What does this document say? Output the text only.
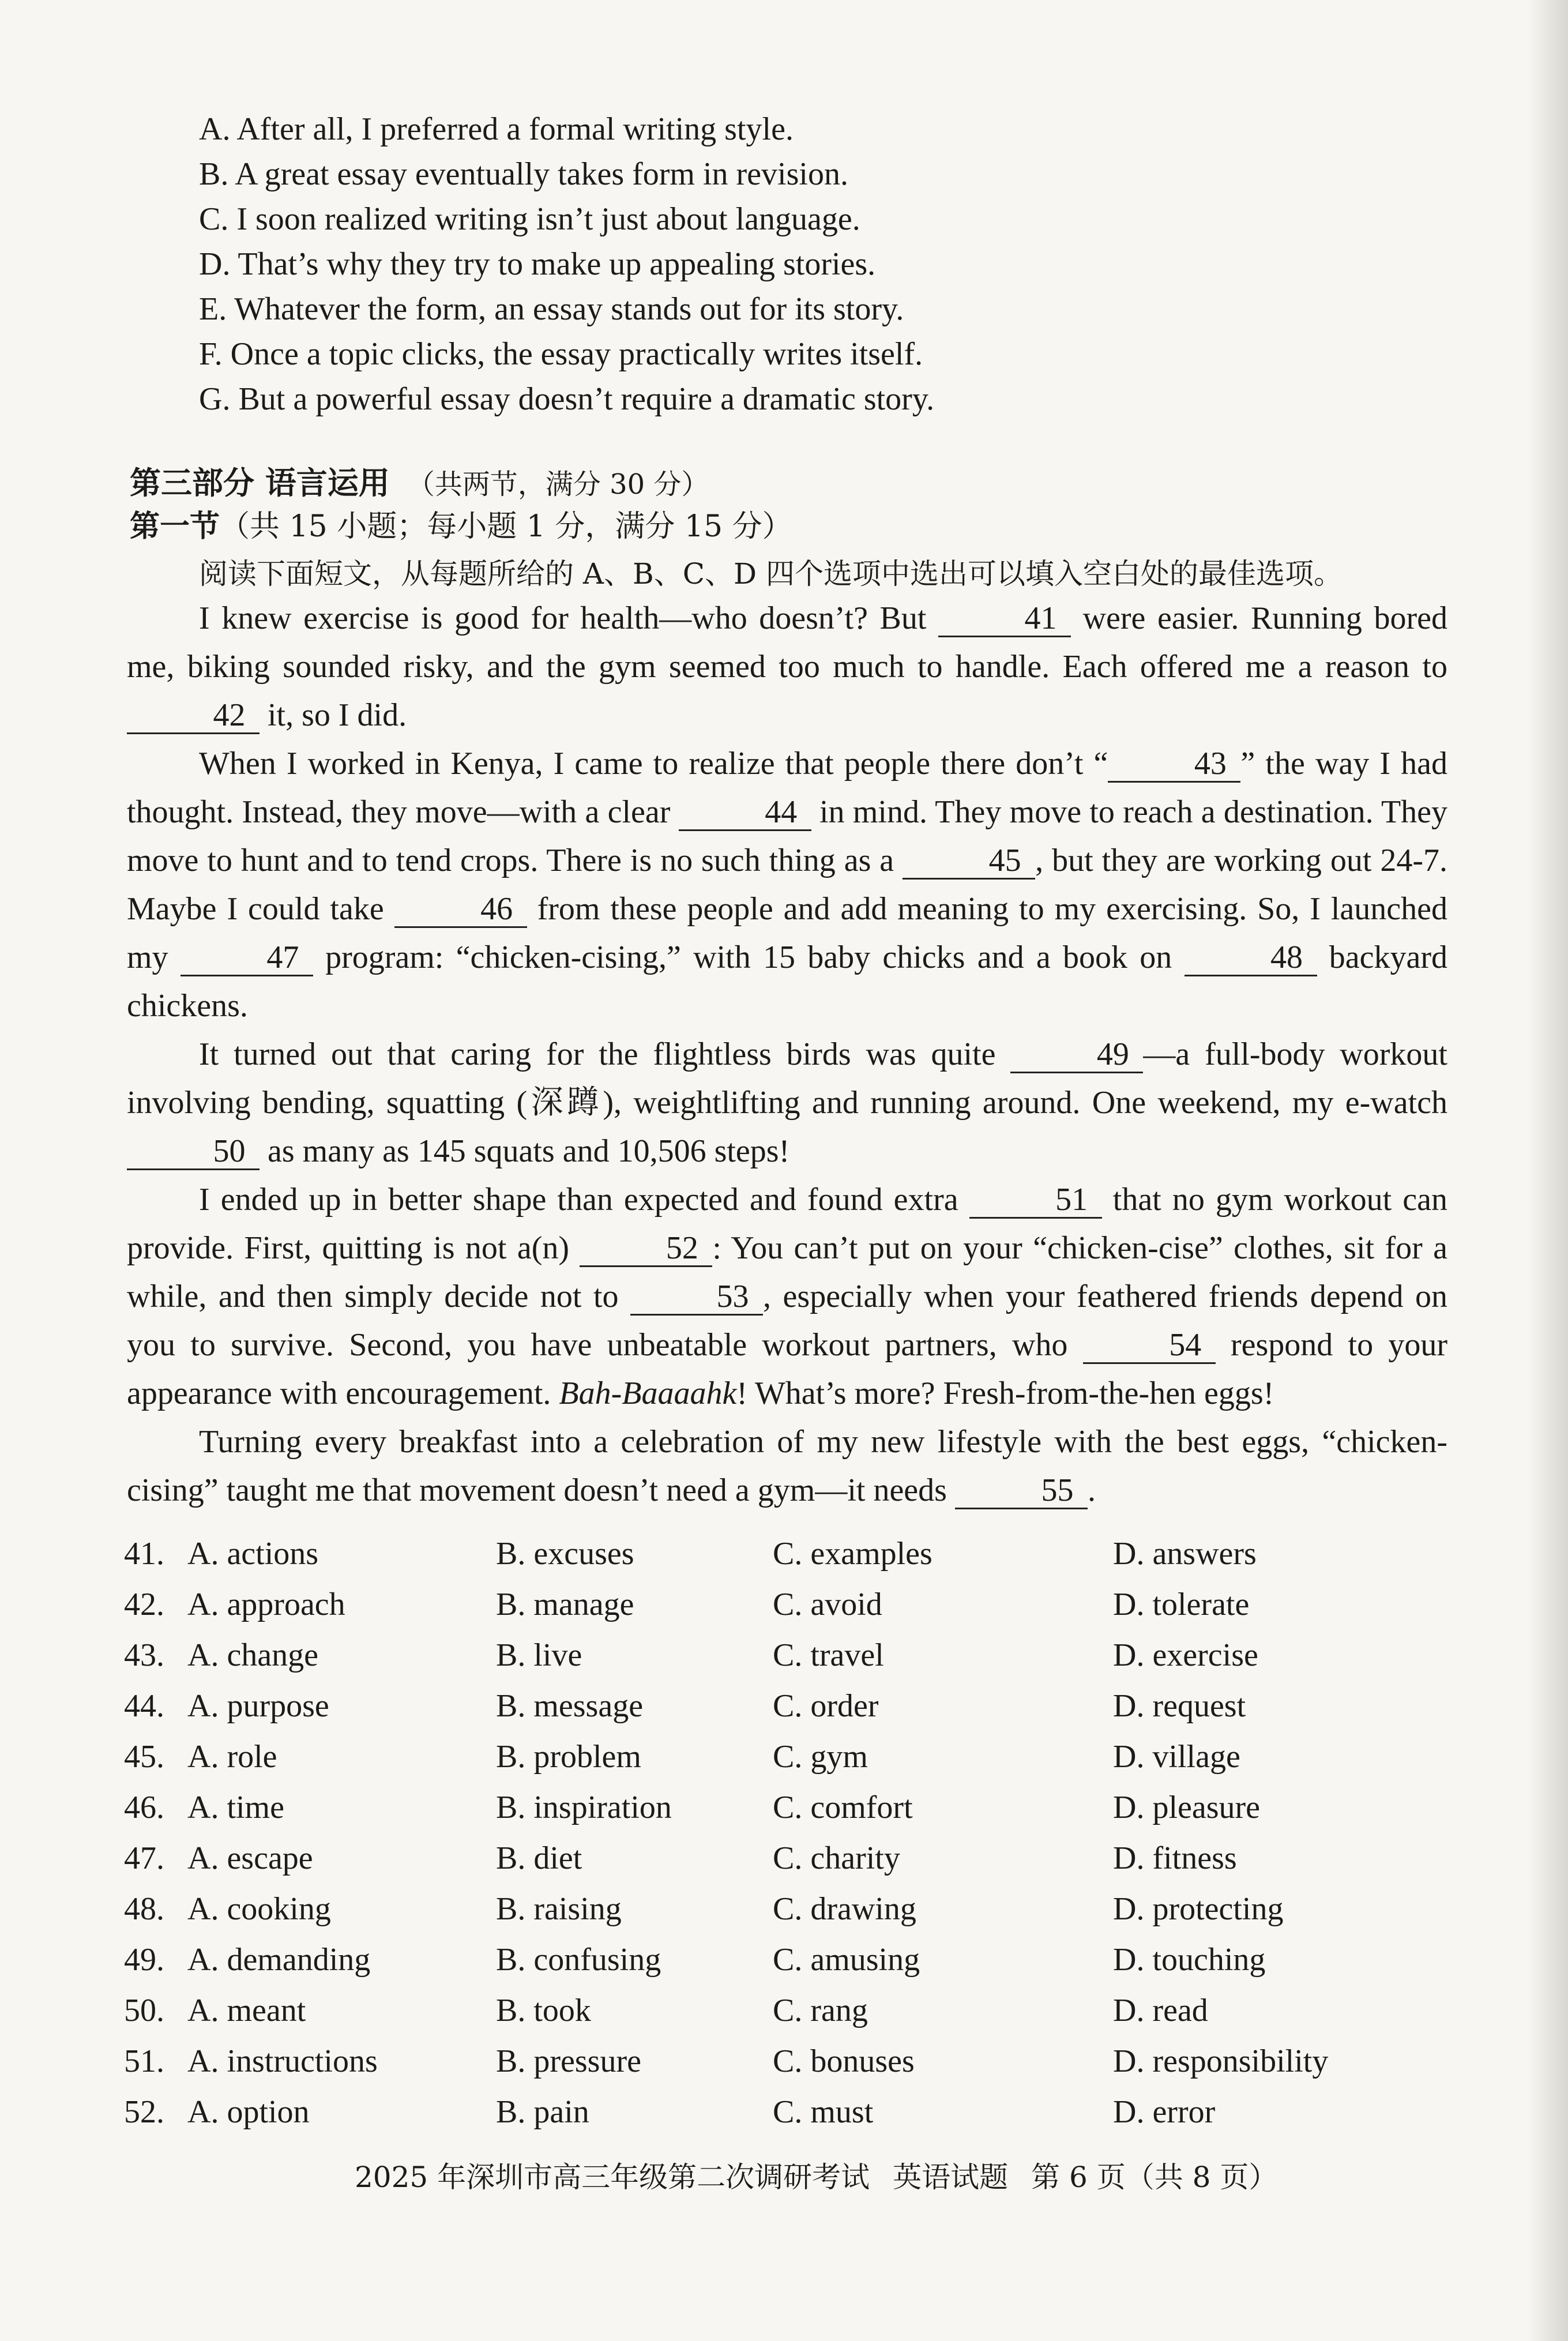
A. After all, I preferred a formal writing style.
B. A great essay eventually takes form in revision.
C. I soon realized writing isn’t just about language.
D. That’s why they try to make up appealing stories.
E. Whatever the form, an essay stands out for its story.
F. Once a topic clicks, the essay practically writes itself.
G. But a powerful essay doesn’t require a dramatic story.
第三部分 语言运用 （共两节，满分 30 分）
第一节（共 15 小题；每小题 1 分，满分 15 分）
阅读下面短文，从每题所给的 A、B、C、D 四个选项中选出可以填入空白处的最佳选项。

I knew exercise is good for health—who doesn’t? But	41 were easier. Running bored me, biking sounded risky, and the gym seemed too much to handle. Each offered me a reason to 42 it, so I did.

When I worked in Kenya, I came to realize that people there don’t “	43 ” the way I had thought. Instead, they move—with a clear	44 in mind. They move to reach a destination. They move to hunt and to tend crops. There is no such thing as a	45 , but they are working out 24-7. Maybe I could take	46 from these people and add meaning to my exercising. So, I launched my	47 program: “chicken-cising,” with 15 baby chicks and a book on	48 backyard chickens.

It turned out that caring for the flightless birds was quite	49 —a full-body workout involving bending, squatting (深蹲), weightlifting and running around. One weekend, my e-watch 50 as many as 145 squats and 10,506 steps!

I ended up in better shape than expected and found extra	51 that no gym workout can provide. First, quitting is not a(n)	52 : You can’t put on your “chicken-cise” clothes, sit for a while, and then simply decide not to	53 , especially when your feathered friends depend on you to survive. Second, you have unbeatable workout partners, who	54 respond to your appearance with encouragement. Bah-Baaaahk! What’s more? Fresh-from-the-hen eggs!

Turning every breakfast into a celebration of my new lifestyle with the best eggs, “chicken-cising” taught me that movement doesn’t need a gym—it needs	55 .

41. A. actions	B. excuses	C. examples	D. answers
42. A. approach	B. manage	C. avoid	D. tolerate
43. A. change	B. live	C. travel	D. exercise
44. A. purpose	B. message	C. order	D. request
45. A. role	B. problem	C. gym	D. village
46. A. time	B. inspiration	C. comfort	D. pleasure
47. A. escape	B. diet	C. charity	D. fitness
48. A. cooking	B. raising	C. drawing	D. protecting
49. A. demanding	B. confusing	C. amusing	D. touching
50. A. meant	B. took	C. rang	D. read
51. A. instructions	B. pressure	C. bonuses	D. responsibility
52. A. option	B. pain	C. must	D. error
2025 年深圳市高三年级第二次调研考试 英语试题 第 6 页（共 8 页）
